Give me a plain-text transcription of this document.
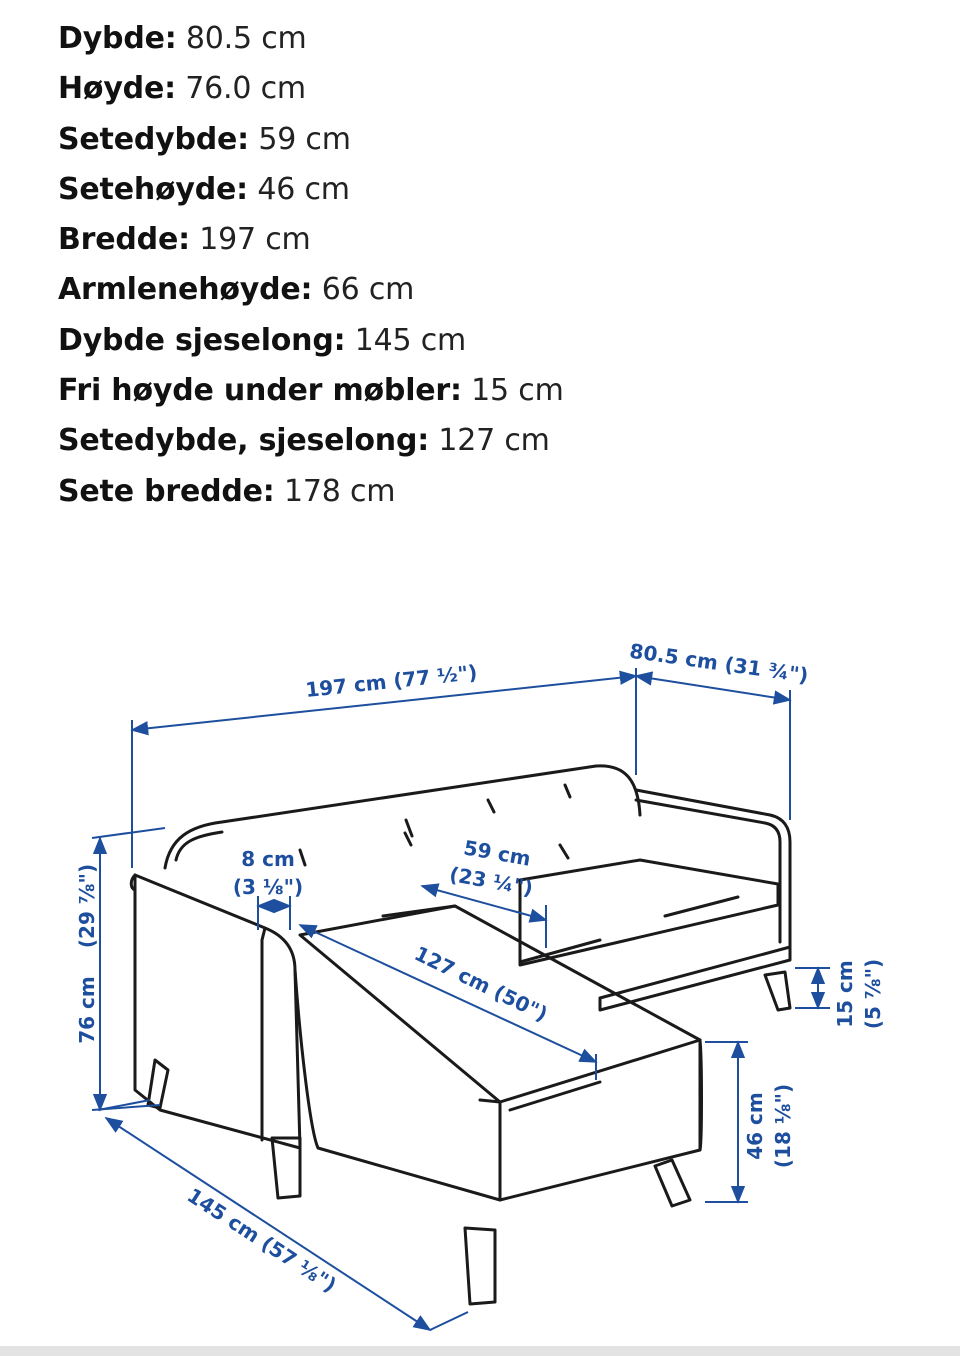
Dybde: 80.5 cm
Høyde: 76.0 cm
Setedybde: 59 cm
Setehøyde: 46 cm
Bredde: 197 cm
Armlenehøyde: 66 cm
Dybde sjeselong: 145 cm
Fri høyde under møbler: 15 cm
Setedybde, sjeselong: 127 cm
Sete bredde: 178 cm
197 cm (77 ½")	80.5 cm (31 ¾")
76 cm
(29 ⅞")
8 cm
(3 ⅛")
59 cm
(23 ¼")
127 cm (50")	15 cm (5 ⅞")
46 cm (18 ⅛")
145 cm (57 ⅛")
